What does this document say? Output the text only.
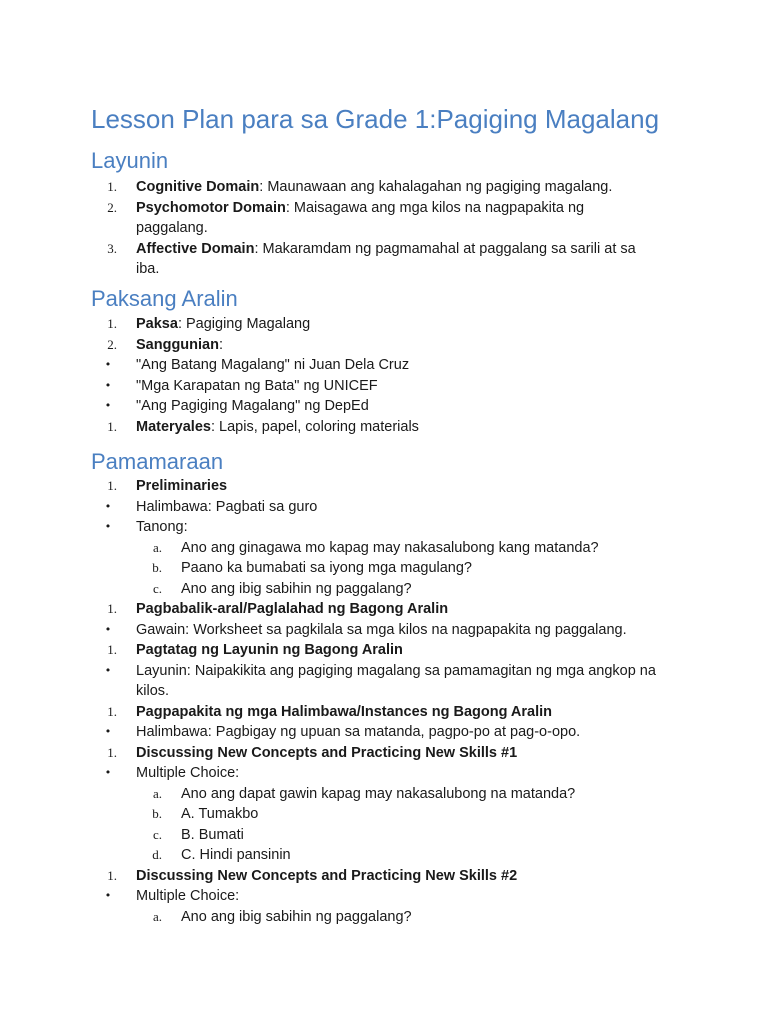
Lesson Plan para sa Grade 1:Pagiging Magalang
Layunin
1. Cognitive Domain: Maunawaan ang kahalagahan ng pagiging magalang.
2. Psychomotor Domain: Maisagawa ang mga kilos na nagpapakita ng paggalang.
3. Affective Domain: Makaramdam ng pagmamahal at paggalang sa sarili at sa iba.
Paksang Aralin
1. Paksa: Pagiging Magalang
2. Sanggunian:
• "Ang Batang Magalang" ni Juan Dela Cruz
• "Mga Karapatan ng Bata" ng UNICEF
• "Ang Pagiging Magalang" ng DepEd
1. Materyales: Lapis, papel, coloring materials
Pamamaraan
1. Preliminaries
• Halimbawa: Pagbati sa guro
• Tanong:
a. Ano ang ginagawa mo kapag may nakasalubong kang matanda?
b. Paano ka bumabati sa iyong mga magulang?
c. Ano ang ibig sabihin ng paggalang?
1. Pagbabalik-aral/Paglalahad ng Bagong Aralin
• Gawain: Worksheet sa pagkilala sa mga kilos na nagpapakita ng paggalang.
1. Pagtatag ng Layunin ng Bagong Aralin
• Layunin: Naipakikita ang pagiging magalang sa pamamagitan ng mga angkop na kilos.
1. Pagpapakita ng mga Halimbawa/Instances ng Bagong Aralin
• Halimbawa: Pagbigay ng upuan sa matanda, pagpo-po at pag-o-opo.
1. Discussing New Concepts and Practicing New Skills #1
• Multiple Choice:
a. Ano ang dapat gawin kapag may nakasalubong na matanda?
b. A. Tumakbo
c. B. Bumati
d. C. Hindi pansinin
1. Discussing New Concepts and Practicing New Skills #2
• Multiple Choice:
a. Ano ang ibig sabihin ng paggalang?
